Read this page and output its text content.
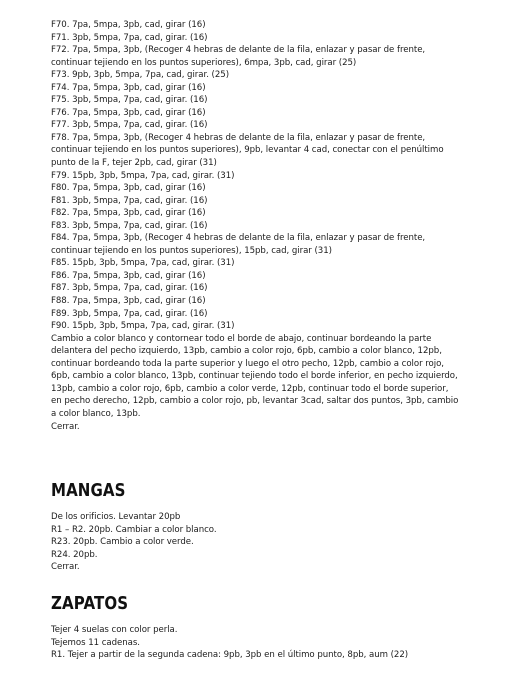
F70. 7pa, 5mpa, 3pb, cad, girar (16)

F71. 3pb, 5mpa, 7pa, cad, girar. (16)

F72. 7pa, 5mpa, 3pb, (Recoger 4 hebras de delante de la fila, enlazar y pasar de frente, continuar tejiendo en los puntos superiores), 6mpa, 3pb, cad, girar (25)

F73. 9pb, 3pb, 5mpa, 7pa, cad, girar. (25)

F74. 7pa, 5mpa, 3pb, cad, girar (16)

F75. 3pb, 5mpa, 7pa, cad, girar. (16)

F76. 7pa, 5mpa, 3pb, cad, girar (16)

F77. 3pb, 5mpa, 7pa, cad, girar. (16)

F78. 7pa, 5mpa, 3pb, (Recoger 4 hebras de delante de la fila, enlazar y pasar de frente, continuar tejiendo en los puntos superiores), 9pb, levantar 4 cad, conectar con el penúltimo punto de la F, tejer 2pb, cad, girar (31)

F79. 15pb, 3pb, 5mpa, 7pa, cad, girar. (31)

F80. 7pa, 5mpa, 3pb, cad, girar (16)

F81. 3pb, 5mpa, 7pa, cad, girar. (16)

F82. 7pa, 5mpa, 3pb, cad, girar (16)

F83. 3pb, 5mpa, 7pa, cad, girar. (16)

F84. 7pa, 5mpa, 3pb, (Recoger 4 hebras de delante de la fila, enlazar y pasar de frente, continuar tejiendo en los puntos superiores), 15pb, cad, girar (31)

F85. 15pb, 3pb, 5mpa, 7pa, cad, girar. (31)

F86. 7pa, 5mpa, 3pb, cad, girar (16)

F87. 3pb, 5mpa, 7pa, cad, girar. (16)

F88. 7pa, 5mpa, 3pb, cad, girar (16)

F89. 3pb, 5mpa, 7pa, cad, girar. (16)

F90. 15pb, 3pb, 5mpa, 7pa, cad, girar. (31)

Cambio a color blanco y contornear todo el borde de abajo, continuar bordeando la parte delantera del pecho izquierdo, 13pb, cambio a color rojo, 6pb, cambio a color blanco, 12pb, continuar bordeando toda la parte superior y luego el otro pecho, 12pb, cambio a color rojo, 6pb, cambio a color blanco, 13pb, continuar tejiendo todo el borde inferior, en pecho izquierdo, 13pb, cambio a color rojo, 6pb, cambio a color verde, 12pb, continuar todo el borde superior, en pecho derecho, 12pb, cambio a color rojo, pb, levantar 3cad, saltar dos puntos, 3pb, cambio a color blanco, 13pb.

Cerrar.

MANGAS

De los orificios. Levantar 20pb

R1 – R2. 20pb. Cambiar a color blanco.

R23. 20pb. Cambio a color verde.

R24. 20pb.

Cerrar.

ZAPATOS

Tejer 4 suelas con color perla.

Tejemos 11 cadenas.

R1. Tejer a partir de la segunda cadena: 9pb, 3pb en el último punto, 8pb, aum (22)
